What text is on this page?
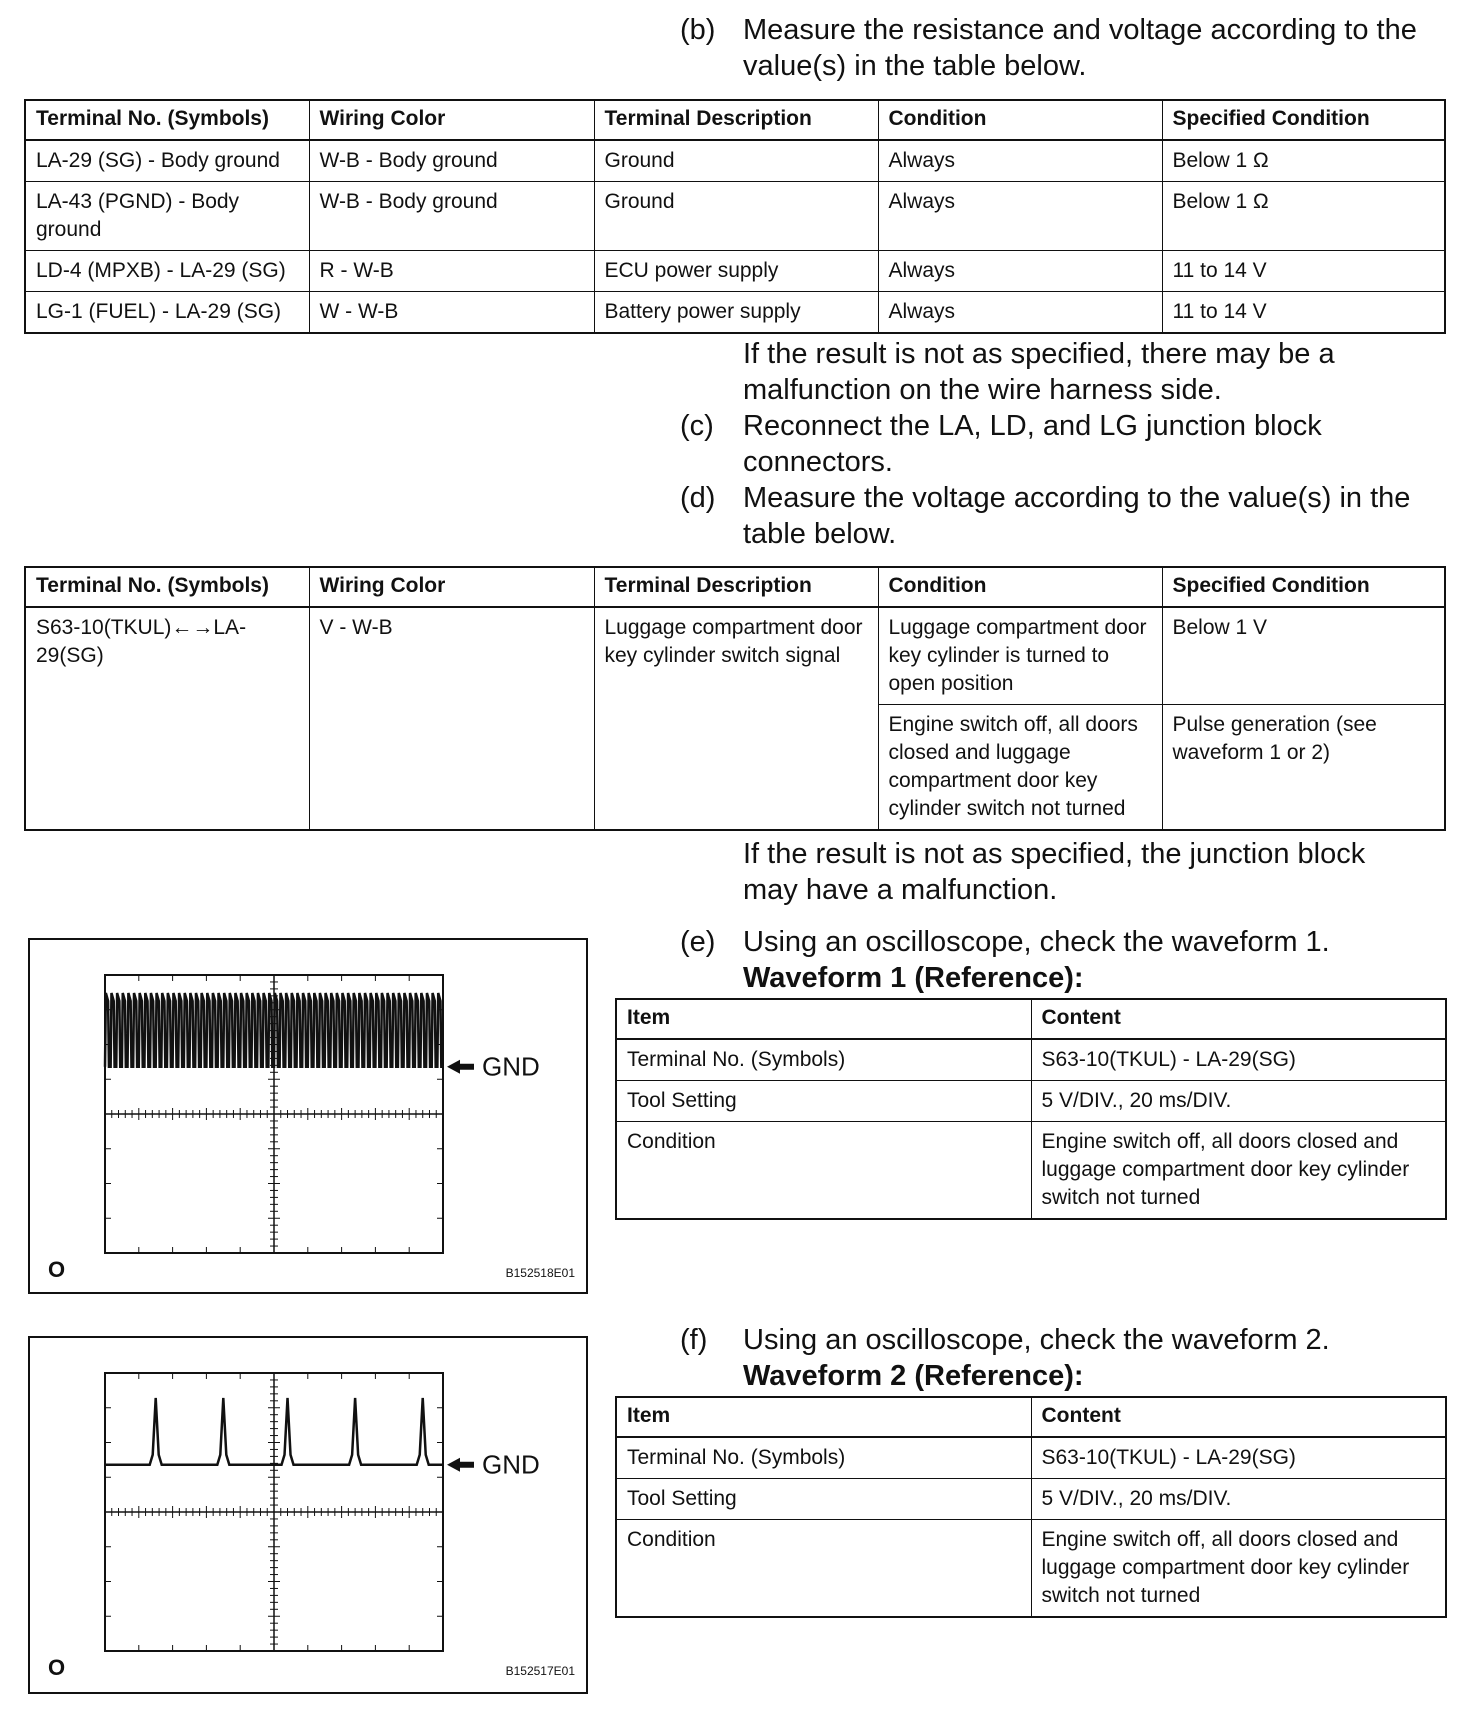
(b) Measure the resistance and voltage according to the value(s) in the table below.
Terminal No. (Symbols)	Wiring Color	Terminal Description	Condition	Specified Condition
LA-29 (SG) - Body ground	W-B - Body ground	Ground	Always	Below 1 Ω
LA-43 (PGND) - Body ground	W-B - Body ground	Ground	Always	Below 1 Ω
LD-4 (MPXB) - LA-29 (SG)	R - W-B	ECU power supply	Always	11 to 14 V
LG-1 (FUEL) - LA-29 (SG)	W - W-B	Battery power supply	Always	11 to 14 V
If the result is not as specified, there may be a malfunction on the wire harness side.
(c) Reconnect the LA, LD, and LG junction block connectors.
(d) Measure the voltage according to the value(s) in the table below.
Terminal No. (Symbols)	Wiring Color	Terminal Description	Condition	Specified Condition
S63-10(TKUL)←→LA-29(SG)	V - W-B	Luggage compartment door key cylinder switch signal	Luggage compartment door key cylinder is turned to open position	Below 1 V
			Engine switch off, all doors closed and luggage compartment door key cylinder switch not turned	Pulse generation (see waveform 1 or 2)
If the result is not as specified, the junction block may have a malfunction.
(e) Using an oscilloscope, check the waveform 1.
Waveform 1 (Reference):
GND
O	B152518E01
Item	Content
Terminal No. (Symbols)	S63-10(TKUL) - LA-29(SG)
Tool Setting	5 V/DIV., 20 ms/DIV.
Condition	Engine switch off, all doors closed and luggage compartment door key cylinder switch not turned
(f) Using an oscilloscope, check the waveform 2.
Waveform 2 (Reference):
GND
O	B152517E01
Item	Content
Terminal No. (Symbols)	S63-10(TKUL) - LA-29(SG)
Tool Setting	5 V/DIV., 20 ms/DIV.
Condition	Engine switch off, all doors closed and luggage compartment door key cylinder switch not turned
